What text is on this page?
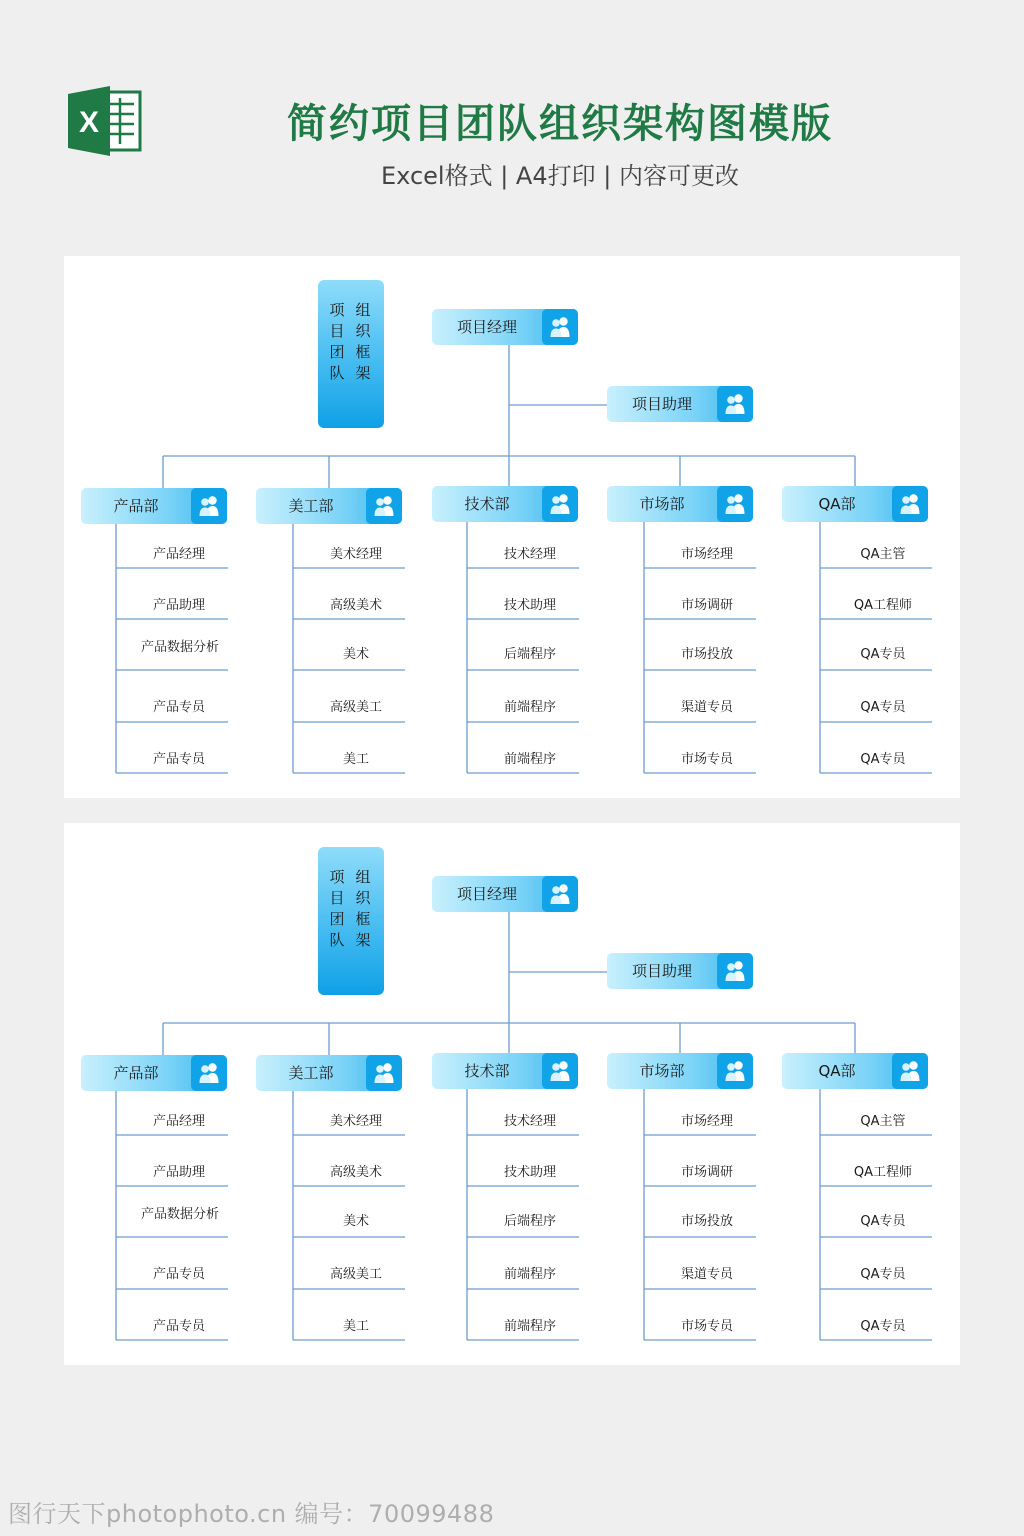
X	简约项目团队组织架构图模版
Excel格式 | A4打印 | 内容可更改
项目团队
组织框架
项目经理
项目助理
产品部
产品经理
产品助理
产品数据分析
产品专员
产品专员
美工部
美术经理
高级美术
美术
高级美工
美工
技术部
技术经理
技术助理
后端程序
前端程序
前端程序
市场部
市场经理
市场调研
市场投放
渠道专员
市场专员
QA部
QA主管
QA工程师
QA专员
QA专员
QA专员
项目团队
组织框架
项目经理
项目助理
产品部
产品经理
产品助理
产品数据分析
产品专员
产品专员
美工部
美术经理
高级美术
美术
高级美工
美工
技术部
技术经理
技术助理
后端程序
前端程序
前端程序
市场部
市场经理
市场调研
市场投放
渠道专员
市场专员
QA部
QA主管
QA工程师
QA专员
QA专员
QA专员
图行天下photophoto.cn 编号：70099488
